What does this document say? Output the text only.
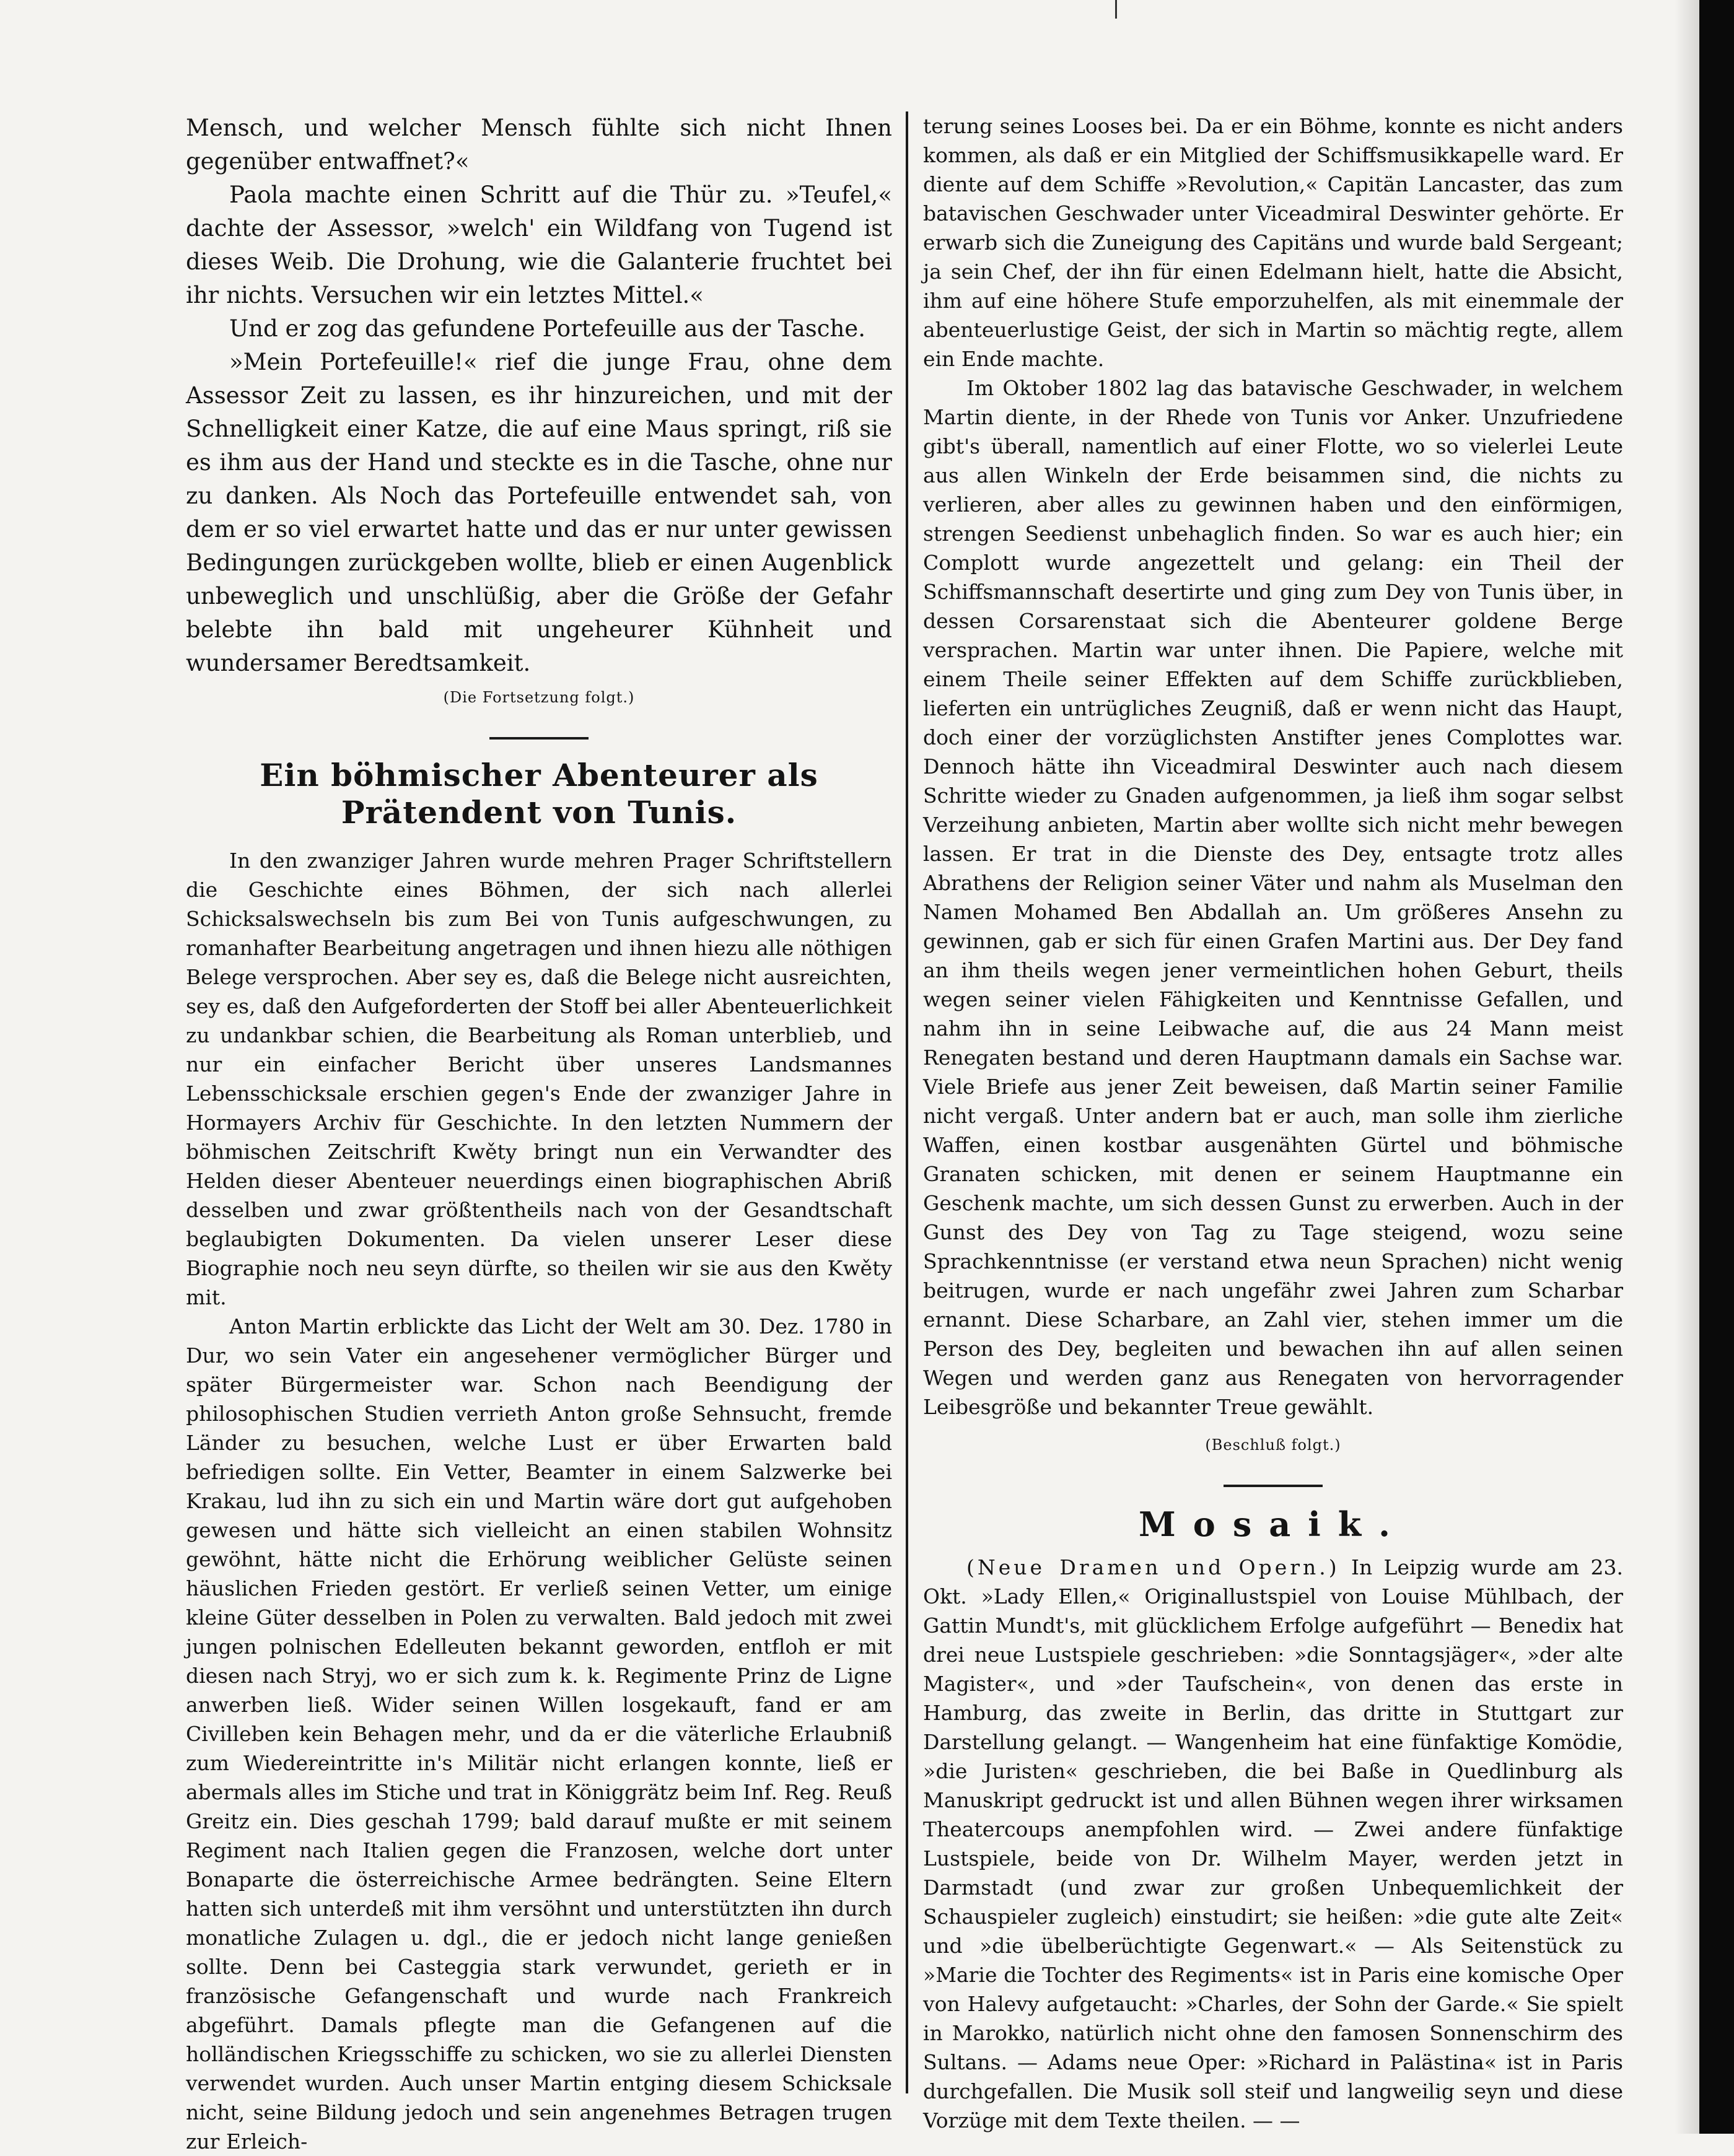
Mensch, und welcher Mensch fühlte sich nicht Ihnen gegenüber entwaffnet?«

Paola machte einen Schritt auf die Thür zu. »Teufel,« dachte der Assessor, »welch' ein Wildfang von Tugend ist dieses Weib. Die Drohung, wie die Galanterie fruchtet bei ihr nichts. Versuchen wir ein letztes Mittel.«

Und er zog das gefundene Portefeuille aus der Tasche.

»Mein Portefeuille!« rief die junge Frau, ohne dem Assessor Zeit zu lassen, es ihr hinzureichen, und mit der Schnelligkeit einer Katze, die auf eine Maus springt, riß sie es ihm aus der Hand und steckte es in die Tasche, ohne nur zu danken. Als Noch das Portefeuille entwendet sah, von dem er so viel erwartet hatte und das er nur unter gewissen Bedingungen zurückgeben wollte, blieb er einen Augenblick unbeweglich und unschlüßig, aber die Größe der Gefahr belebte ihn bald mit ungeheurer Kühnheit und wundersamer Beredtsamkeit.

(Die Fortsetzung folgt.)
Ein böhmischer Abenteurer als Prätendent von Tunis.

In den zwanziger Jahren wurde mehren Prager Schriftstellern die Geschichte eines Böhmen, der sich nach allerlei Schicksalswechseln bis zum Bei von Tunis aufgeschwungen, zu romanhafter Bearbeitung angetragen und ihnen hiezu alle nöthigen Belege versprochen. Aber sey es, daß die Belege nicht ausreichten, sey es, daß den Aufgeforderten der Stoff bei aller Abenteuerlichkeit zu undankbar schien, die Bearbeitung als Roman unterblieb, und nur ein einfacher Bericht über unseres Landsmannes Lebensschicksale erschien gegen's Ende der zwanziger Jahre in Hormayers Archiv für Geschichte. In den letzten Nummern der böhmischen Zeitschrift Kwěty bringt nun ein Verwandter des Helden dieser Abenteuer neuerdings einen biographischen Abriß desselben und zwar größtentheils nach von der Gesandtschaft beglaubigten Dokumenten. Da vielen unserer Leser diese Biographie noch neu seyn dürfte, so theilen wir sie aus den Kwěty mit.

Anton Martin erblickte das Licht der Welt am 30. Dez. 1780 in Dur, wo sein Vater ein angesehener vermöglicher Bürger und später Bürgermeister war. Schon nach Beendigung der philosophischen Studien verrieth Anton große Sehnsucht, fremde Länder zu besuchen, welche Lust er über Erwarten bald befriedigen sollte. Ein Vetter, Beamter in einem Salzwerke bei Krakau, lud ihn zu sich ein und Martin wäre dort gut aufgehoben gewesen und hätte sich vielleicht an einen stabilen Wohnsitz gewöhnt, hätte nicht die Erhörung weiblicher Gelüste seinen häuslichen Frieden gestört. Er verließ seinen Vetter, um einige kleine Güter desselben in Polen zu verwalten. Bald jedoch mit zwei jungen polnischen Edelleuten bekannt geworden, entfloh er mit diesen nach Stryj, wo er sich zum k. k. Regimente Prinz de Ligne anwerben ließ. Wider seinen Willen losgekauft, fand er am Civilleben kein Behagen mehr, und da er die väterliche Erlaubniß zum Wiedereintritte in's Militär nicht erlangen konnte, ließ er abermals alles im Stiche und trat in Königgrätz beim Inf. Reg. Reuß Greitz ein. Dies geschah 1799; bald darauf mußte er mit seinem Regiment nach Italien gegen die Franzosen, welche dort unter Bonaparte die österreichische Armee bedrängten. Seine Eltern hatten sich unterdeß mit ihm versöhnt und unterstützten ihn durch monatliche Zulagen u. dgl., die er jedoch nicht lange genießen sollte. Denn bei Casteggia stark verwundet, gerieth er in französische Gefangenschaft und wurde nach Frankreich abgeführt. Damals pflegte man die Gefangenen auf die holländischen Kriegsschiffe zu schicken, wo sie zu allerlei Diensten verwendet wurden. Auch unser Martin entging diesem Schicksale nicht, seine Bildung jedoch und sein angenehmes Betragen trugen zur Erleich-

terung seines Looses bei. Da er ein Böhme, konnte es nicht anders kommen, als daß er ein Mitglied der Schiffsmusikkapelle ward. Er diente auf dem Schiffe »Revolution,« Capitän Lancaster, das zum batavischen Geschwader unter Viceadmiral Deswinter gehörte. Er erwarb sich die Zuneigung des Capitäns und wurde bald Sergeant; ja sein Chef, der ihn für einen Edelmann hielt, hatte die Absicht, ihm auf eine höhere Stufe emporzuhelfen, als mit einemmale der abenteuerlustige Geist, der sich in Martin so mächtig regte, allem ein Ende machte.

Im Oktober 1802 lag das batavische Geschwader, in welchem Martin diente, in der Rhede von Tunis vor Anker. Unzufriedene gibt's überall, namentlich auf einer Flotte, wo so vielerlei Leute aus allen Winkeln der Erde beisammen sind, die nichts zu verlieren, aber alles zu gewinnen haben und den einförmigen, strengen Seedienst unbehaglich finden. So war es auch hier; ein Complott wurde angezettelt und gelang: ein Theil der Schiffsmannschaft desertirte und ging zum Dey von Tunis über, in dessen Corsarenstaat sich die Abenteurer goldene Berge versprachen. Martin war unter ihnen. Die Papiere, welche mit einem Theile seiner Effekten auf dem Schiffe zurückblieben, lieferten ein untrügliches Zeugniß, daß er wenn nicht das Haupt, doch einer der vorzüglichsten Anstifter jenes Complottes war. Dennoch hätte ihn Viceadmiral Deswinter auch nach diesem Schritte wieder zu Gnaden aufgenommen, ja ließ ihm sogar selbst Verzeihung anbieten, Martin aber wollte sich nicht mehr bewegen lassen. Er trat in die Dienste des Dey, entsagte trotz alles Abrathens der Religion seiner Väter und nahm als Muselman den Namen Mohamed Ben Abdallah an. Um größeres Ansehn zu gewinnen, gab er sich für einen Grafen Martini aus. Der Dey fand an ihm theils wegen jener vermeintlichen hohen Geburt, theils wegen seiner vielen Fähigkeiten und Kenntnisse Gefallen, und nahm ihn in seine Leibwache auf, die aus 24 Mann meist Renegaten bestand und deren Hauptmann damals ein Sachse war. Viele Briefe aus jener Zeit beweisen, daß Martin seiner Familie nicht vergaß. Unter andern bat er auch, man solle ihm zierliche Waffen, einen kostbar ausgenähten Gürtel und böhmische Granaten schicken, mit denen er seinem Hauptmanne ein Geschenk machte, um sich dessen Gunst zu erwerben. Auch in der Gunst des Dey von Tag zu Tage steigend, wozu seine Sprachkenntnisse (er verstand etwa neun Sprachen) nicht wenig beitrugen, wurde er nach ungefähr zwei Jahren zum Scharbar ernannt. Diese Scharbare, an Zahl vier, stehen immer um die Person des Dey, begleiten und bewachen ihn auf allen seinen Wegen und werden ganz aus Renegaten von hervorragender Leibesgröße und bekannter Treue gewählt.

(Beschluß folgt.)
Mosaik.

(Neue Dramen und Opern.) In Leipzig wurde am 23. Okt. »Lady Ellen,« Originallustspiel von Louise Mühlbach, der Gattin Mundt's, mit glücklichem Erfolge aufgeführt — Benedix hat drei neue Lustspiele geschrieben: »die Sonntagsjäger«, »der alte Magister«, und »der Taufschein«, von denen das erste in Hamburg, das zweite in Berlin, das dritte in Stuttgart zur Darstellung gelangt. — Wangenheim hat eine fünfaktige Komödie, »die Juristen« geschrieben, die bei Baße in Quedlinburg als Manuskript gedruckt ist und allen Bühnen wegen ihrer wirksamen Theatercoups anempfohlen wird. — Zwei andere fünfaktige Lustspiele, beide von Dr. Wilhelm Mayer, werden jetzt in Darmstadt (und zwar zur großen Unbequemlichkeit der Schauspieler zugleich) einstudirt; sie heißen: »die gute alte Zeit« und »die übelberüchtigte Gegenwart.« — Als Seitenstück zu »Marie die Tochter des Regiments« ist in Paris eine komische Oper von Halevy aufgetaucht: »Charles, der Sohn der Garde.« Sie spielt in Marokko, natürlich nicht ohne den famosen Sonnenschirm des Sultans. — Adams neue Oper: »Richard in Palästina« ist in Paris durchgefallen. Die Musik soll steif und langweilig seyn und diese Vorzüge mit dem Texte theilen. — —
